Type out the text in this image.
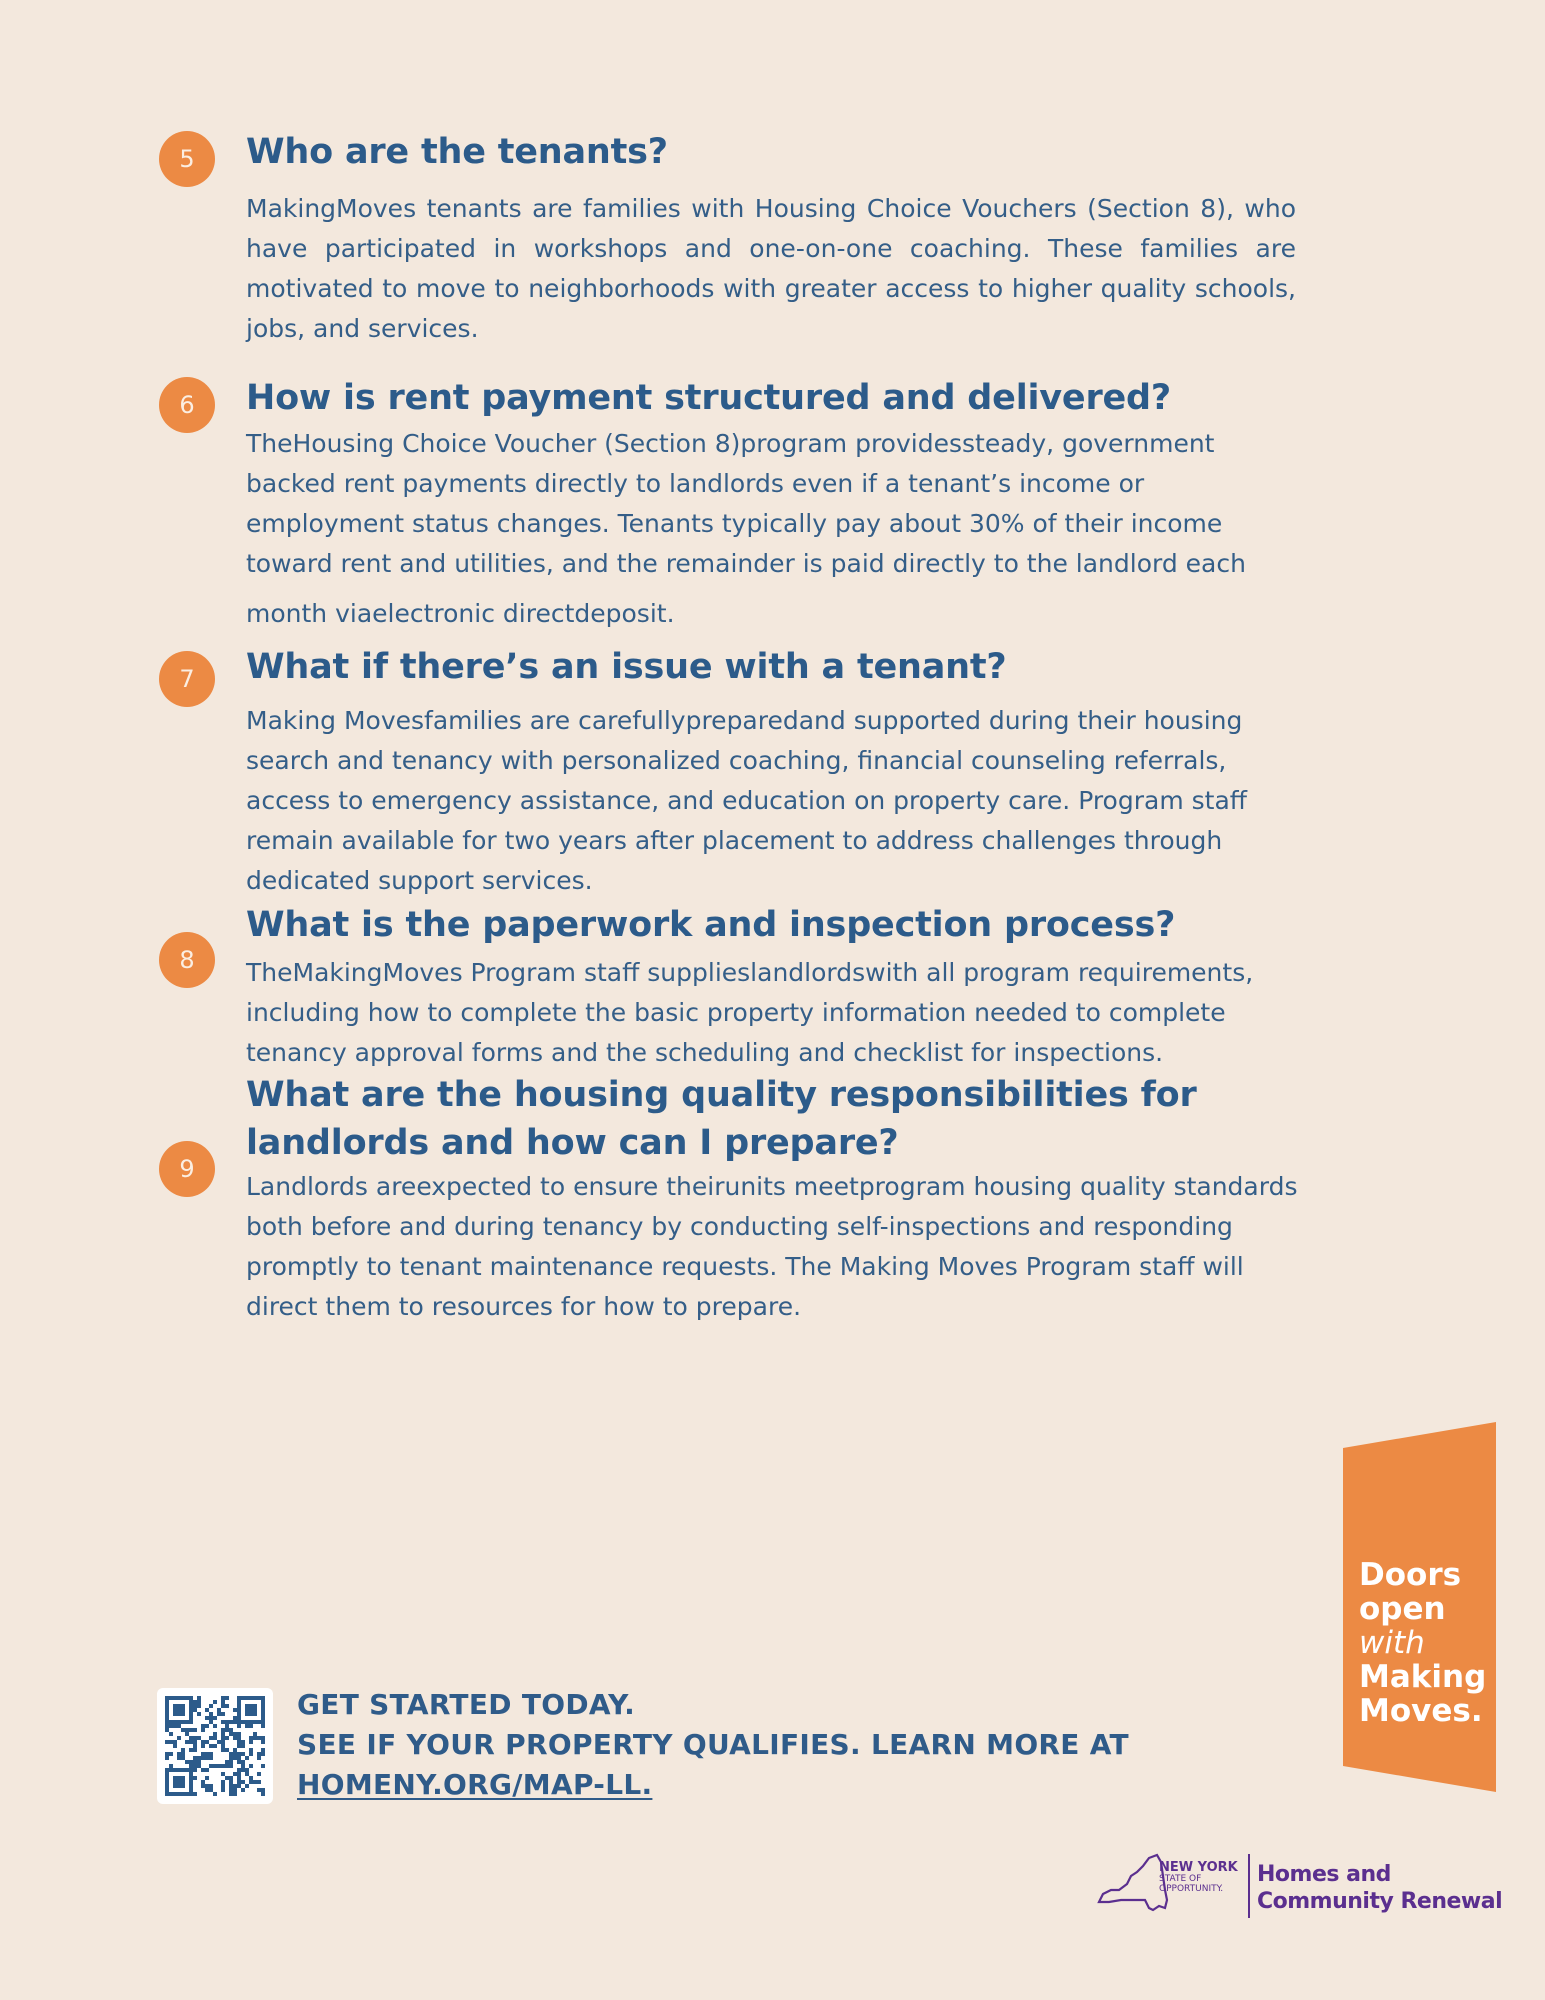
5	Who are the tenants?

MakingMoves tenants are families with Housing Choice Vouchers (Section 8), who have participated in workshops and one-on-one coaching. These families are motivated to move to neighborhoods with greater access to higher quality schools, jobs, and services.

6	How is rent payment structured and delivered?

TheHousing Choice Voucher (Section 8)program providessteady, government backed rent payments directly to landlords even if a tenant’s income or employment status changes. Tenants typically pay about 30% of their income toward rent and utilities, and the remainder is paid directly to the landlord each

month viaelectronic directdeposit.

7	What if there’s an issue with a tenant?

Making Movesfamilies are carefullypreparedand supported during their housing search and tenancy with personalized coaching, financial counseling referrals, access to emergency assistance, and education on property care. Program staff remain available for two years after placement to address challenges through dedicated support services.

8
What is the paperwork and inspection process?

TheMakingMoves Program staff supplieslandlordswith all program requirements, including how to complete the basic property information needed to complete tenancy approval forms and the scheduling and checklist for inspections.

9
What are the housing quality responsibilities for
landlords and how can I prepare?

Landlords areexpected to ensure theirunits meetprogram housing quality standards both before and during tenancy by conducting self-inspections and responding promptly to tenant maintenance requests. The Making Moves Program staff will direct them to resources for how to prepare.

GET STARTED TODAY.
SEE IF YOUR PROPERTY QUALIFIES. LEARN MORE AT
HOMENY.ORG/MAP-LL.
Doors
open
with
Making
Moves.
NEW YORK
STATE OF
OPPORTUNITY.
Homes and
Community Renewal
